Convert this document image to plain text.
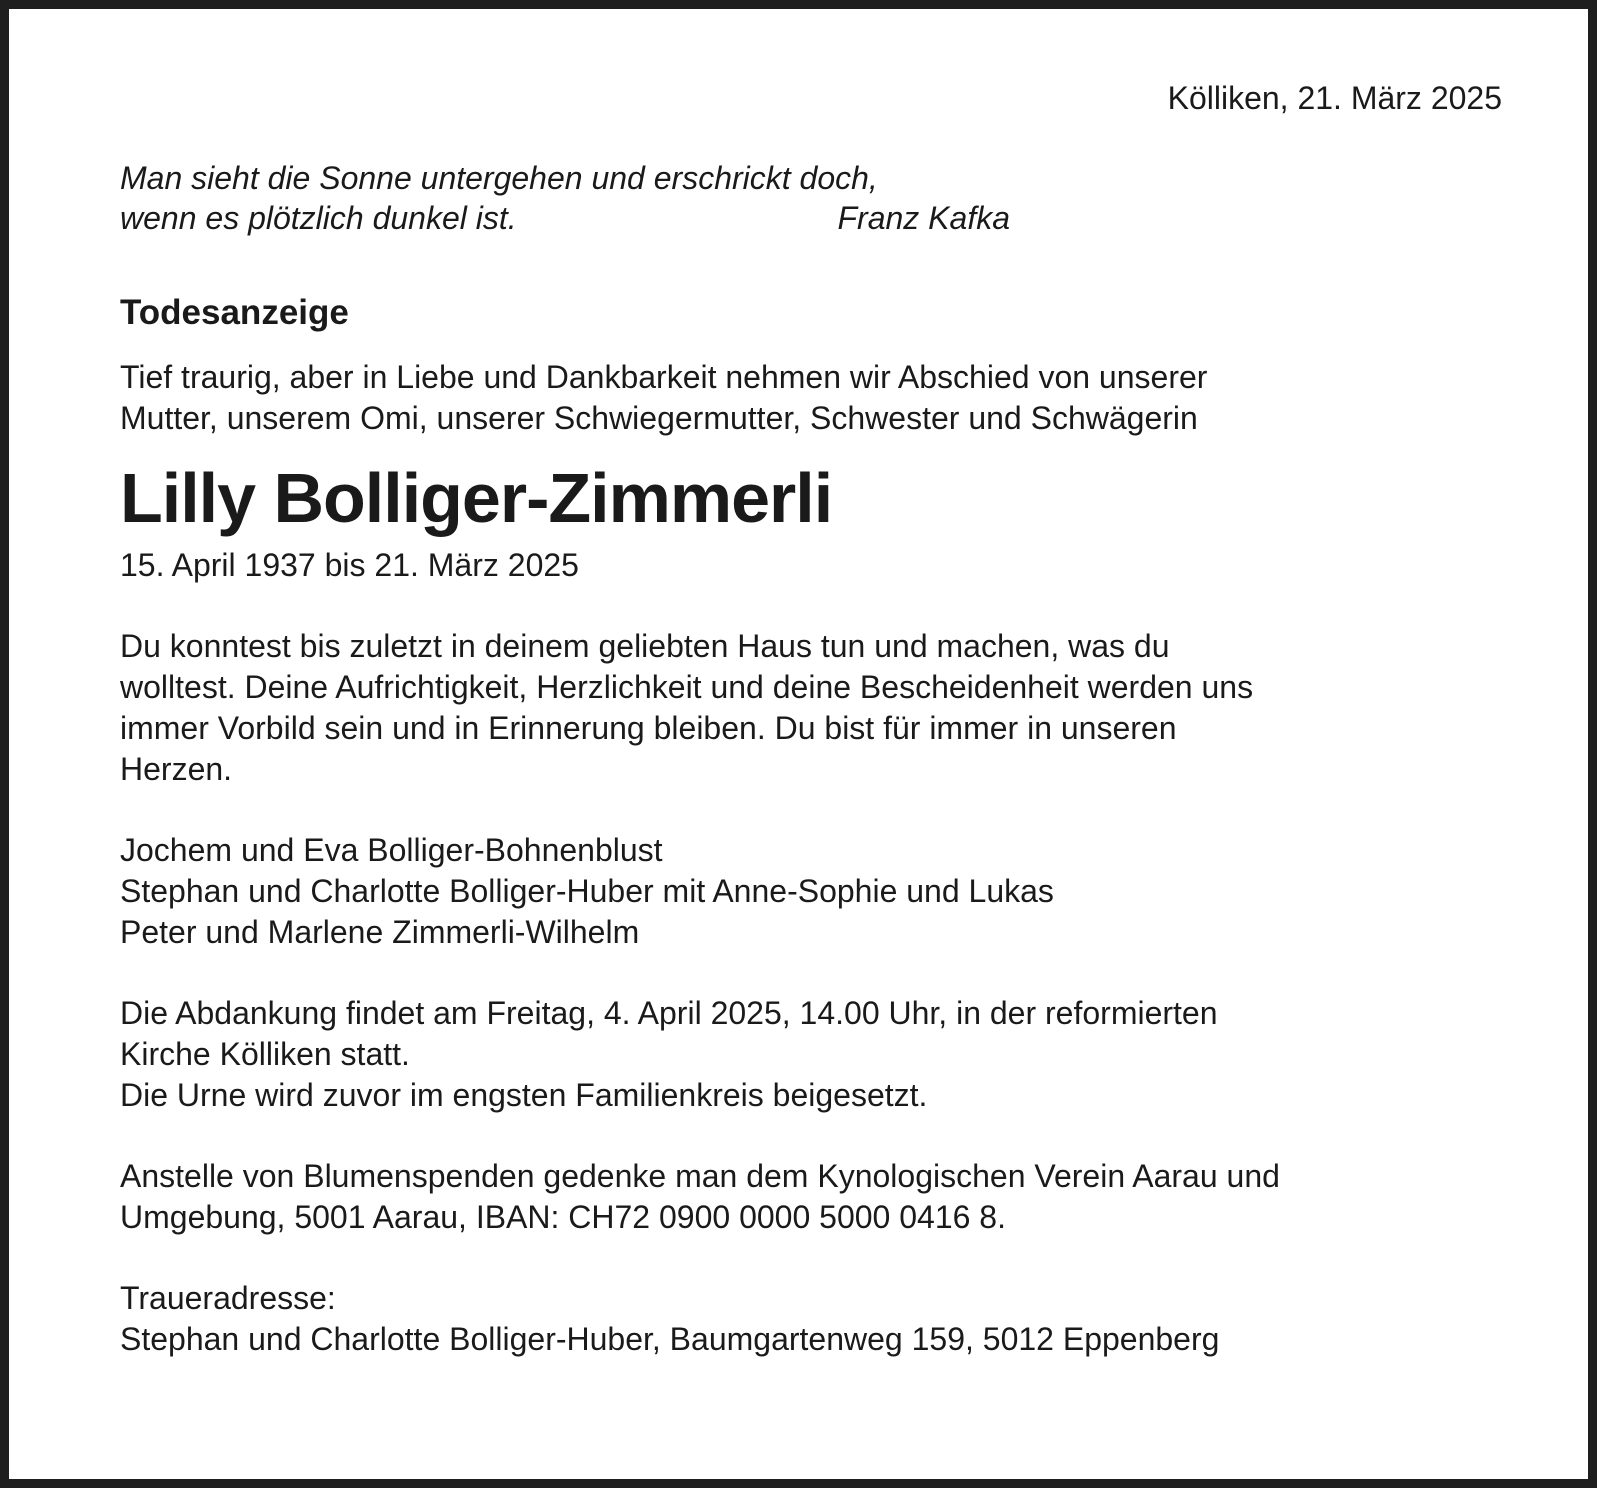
Kölliken, 21. März 2025
Man sieht die Sonne untergehen und erschrickt doch,
wenn es plötzlich dunkel ist.	Franz Kafka
Todesanzeige
Tief traurig, aber in Liebe und Dankbarkeit nehmen wir Abschied von unserer
Mutter, unserem Omi, unserer Schwiegermutter, Schwester und Schwägerin
Lilly Bolliger-Zimmerli
15. April 1937 bis 21. März 2025
Du konntest bis zuletzt in deinem geliebten Haus tun und machen, was du
wolltest. Deine Aufrichtigkeit, Herzlichkeit und deine Bescheidenheit werden uns
immer Vorbild sein und in Erinnerung bleiben. Du bist für immer in unseren
Herzen.
Jochem und Eva Bolliger-Bohnenblust
Stephan und Charlotte Bolliger-Huber mit Anne-Sophie und Lukas
Peter und Marlene Zimmerli-Wilhelm
Die Abdankung findet am Freitag, 4. April 2025, 14.00 Uhr, in der reformierten
Kirche Kölliken statt.
Die Urne wird zuvor im engsten Familienkreis beigesetzt.
Anstelle von Blumenspenden gedenke man dem Kynologischen Verein Aarau und
Umgebung, 5001 Aarau, IBAN: CH72 0900 0000 5000 0416 8.
Traueradresse:
Stephan und Charlotte Bolliger-Huber, Baumgartenweg 159, 5012 Eppenberg
